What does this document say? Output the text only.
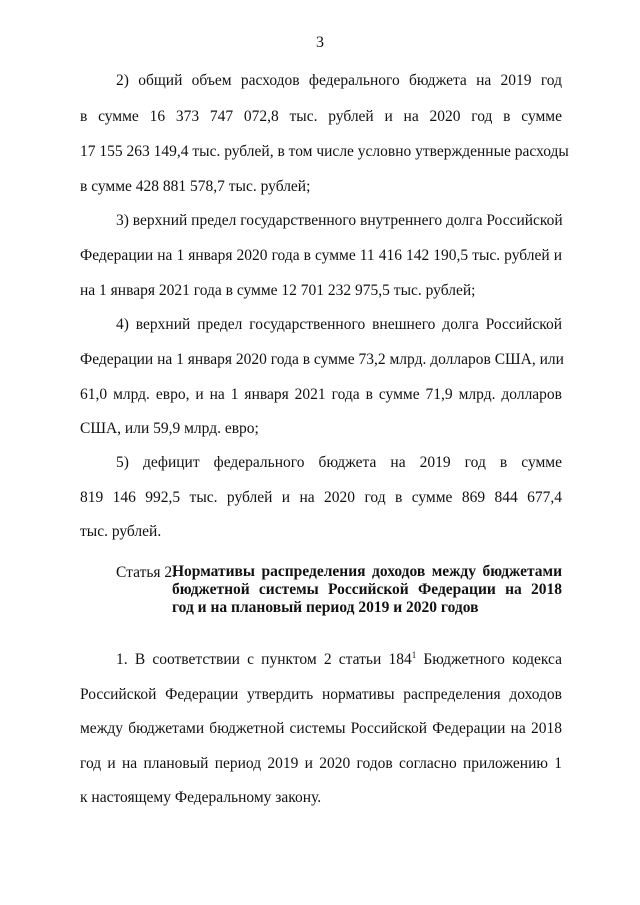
3
2) общий объем расходов федерального бюджета на 2019 год
в сумме 16 373 747 072,8 тыс. рублей и на 2020 год в сумме
17 155 263 149,4 тыс. рублей, в том числе условно утвержденные расходы
в сумме 428 881 578,7 тыс. рублей;
3) верхний предел государственного внутреннего долга Российской
Федерации на 1 января 2020 года в сумме 11 416 142 190,5 тыс. рублей и
на 1 января 2021 года в сумме 12 701 232 975,5 тыс. рублей;
4) верхний предел государственного внешнего долга Российской
Федерации на 1 января 2020 года в сумме 73,2 млрд. долларов США, или
61,0 млрд. евро, и на 1 января 2021 года в сумме 71,9 млрд. долларов
США, или 59,9 млрд. евро;
5) дефицит федерального бюджета на 2019 год в сумме
819 146 992,5 тыс. рублей и на 2020 год в сумме 869 844 677,4
тыс. рублей.
Статья 2.
Нормативы распределения доходов между бюджетами
бюджетной системы Российской Федерации на 2018
год и на плановый период 2019 и 2020 годов
1. В соответствии с пунктом 2 статьи $184^1$ Бюджетного кодекса
Российской Федерации утвердить нормативы распределения доходов
между бюджетами бюджетной системы Российской Федерации на 2018
год и на плановый период 2019 и 2020 годов согласно приложению 1
к настоящему Федеральному закону.
